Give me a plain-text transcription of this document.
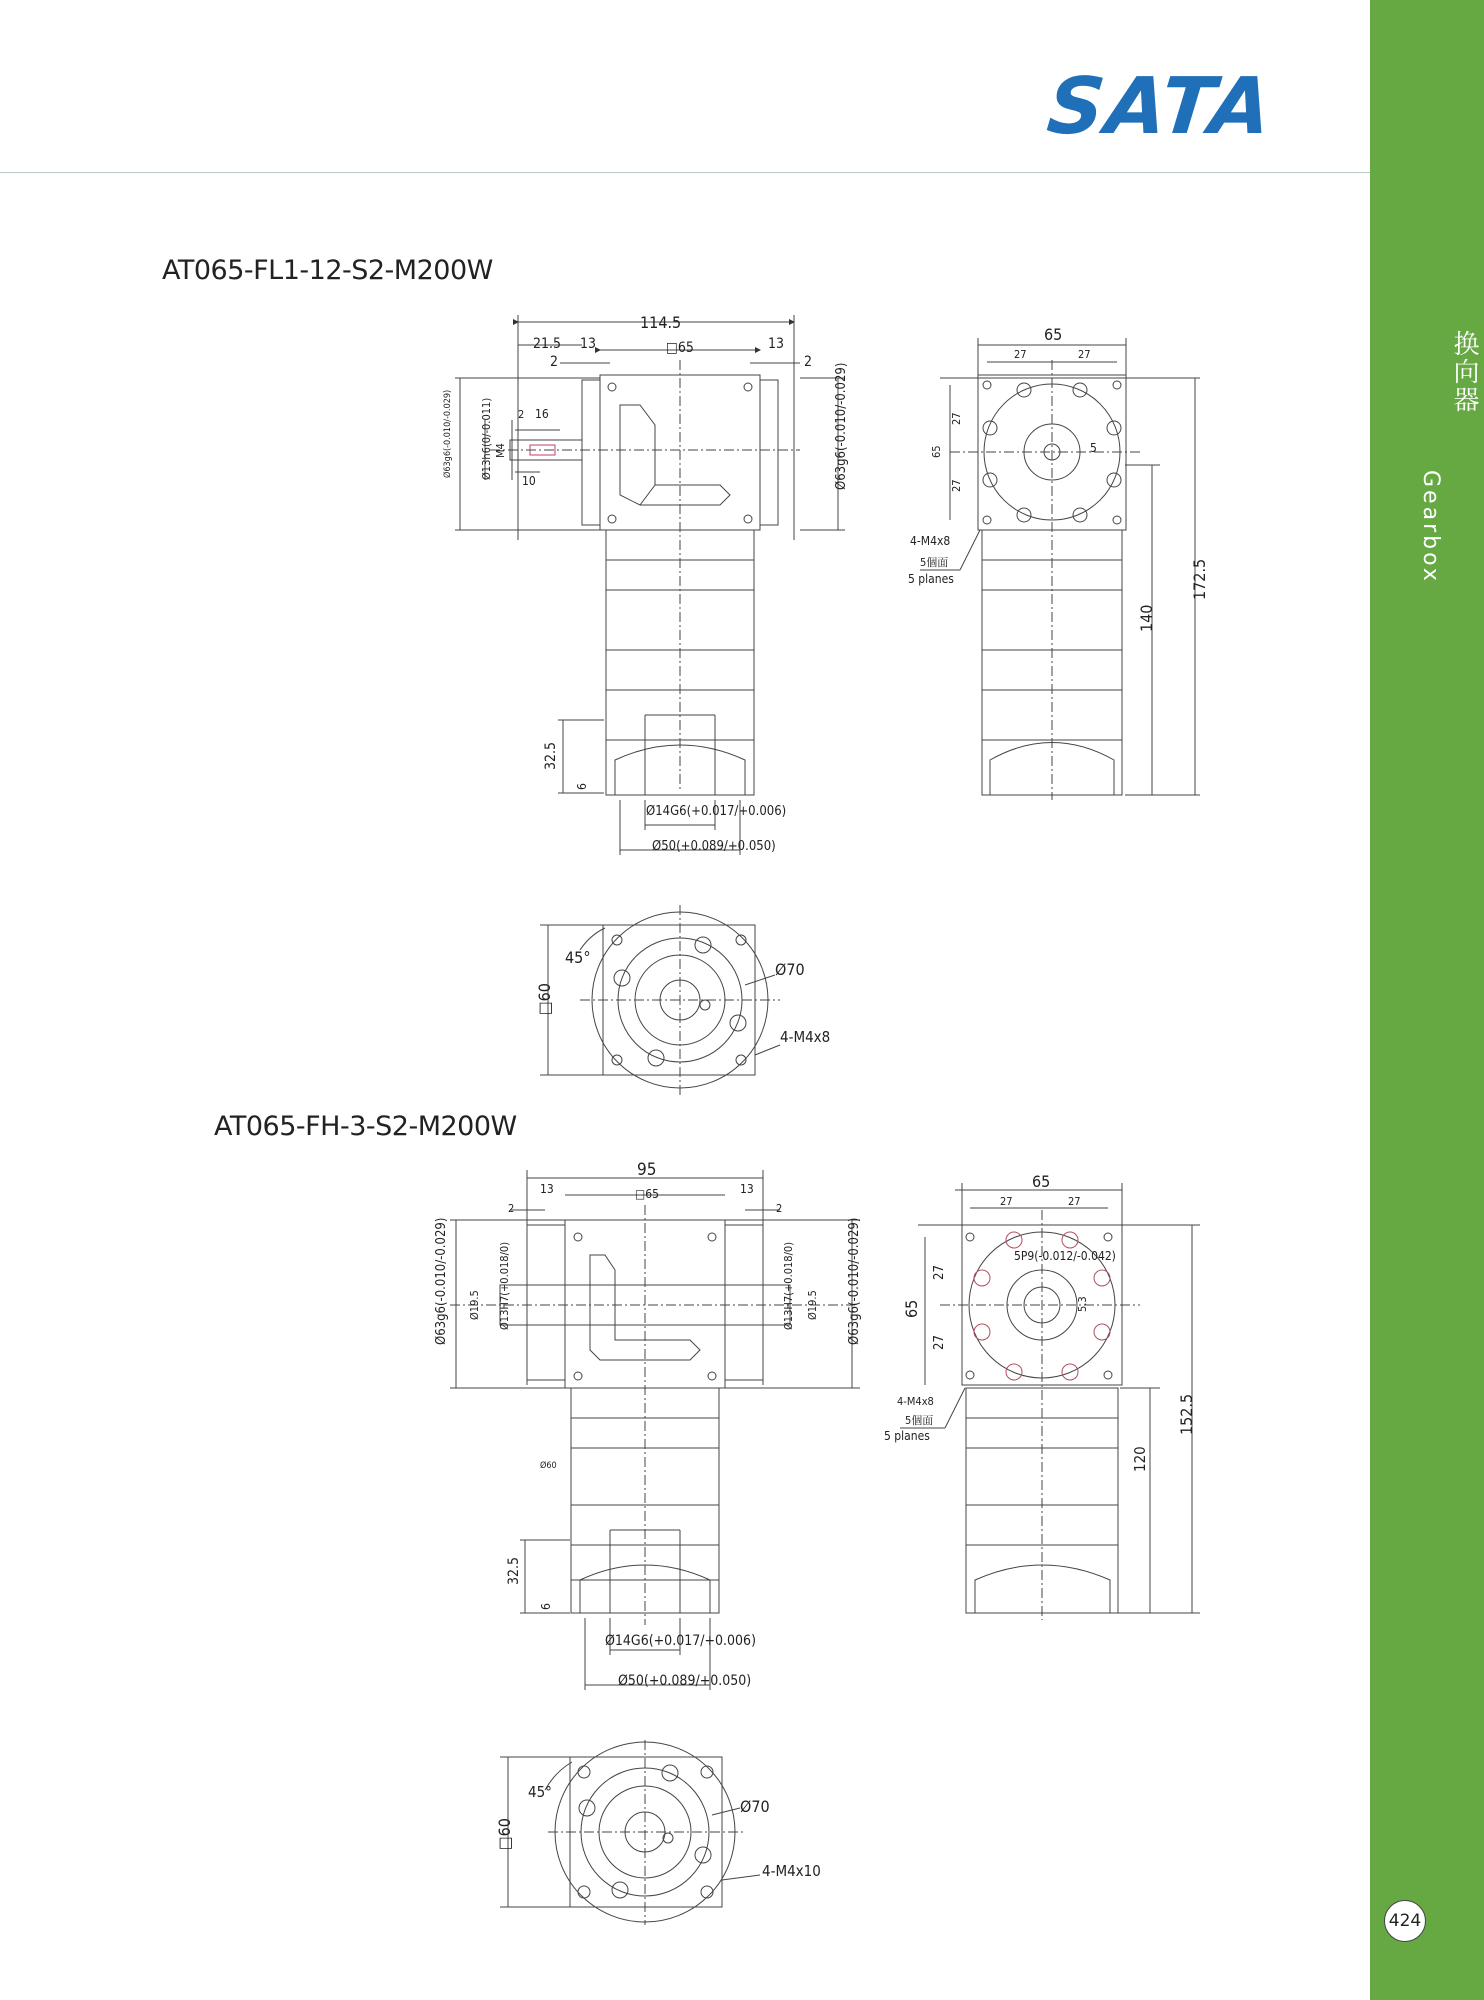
SATA
换向器
Gearbox
424
AT065-FL1-12-S2-M200W
AT065-FH-3-S2-M200W
114.5
21.5 13	□65	13
2	2
16
2
10
M4
Ø13h6(0/-0.011)
Ø63g6(-0.010/-0.029)	Ø63g6(-0.010/-0.029)
32.5
6
Ø14G6(+0.017/+0.006)
Ø50(+0.089/+0.050)
65
27	27
27
27
65	5
4-M4x8
5個面
5 planes	172.5
140
□60
45°
Ø70
4-M4x8
95
13	□65	13
2	2
Ø63g6(-0.010/-0.029)	Ø63g6(-0.010/-0.029)
Ø13H7(+0.018/0)	Ø13H7(+0.018/0)
Ø19.5	Ø19.5
Ø60
32.5
6
Ø14G6(+0.017/+0.006)
Ø50(+0.089/+0.050)
65
27	27
27
27
65
5P9(-0.012/-0.042)
5.3
4-M4x8
5個面
5 planes
152.5
120
□60
45°
Ø70
4-M4x10
